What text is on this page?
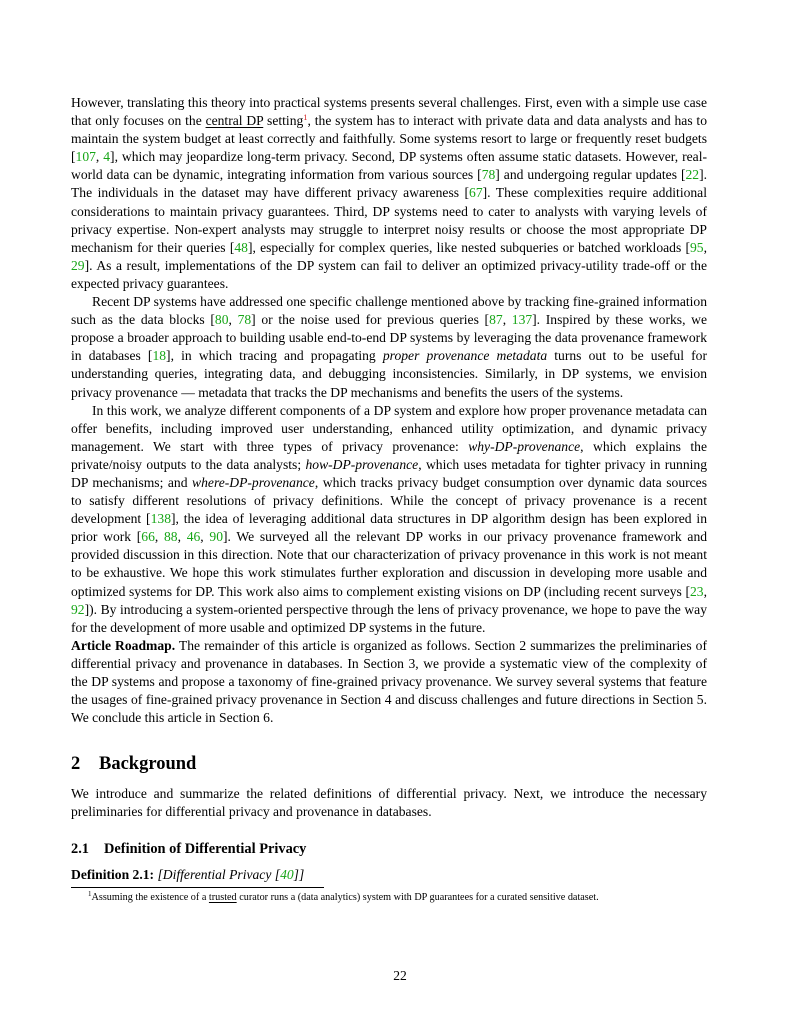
However, translating this theory into practical systems presents several challenges. First, even with a simple use case that only focuses on the central DP setting$^1$, the system has to interact with private data and data analysts and has to maintain the system budget at least correctly and faithfully. Some systems resort to large or frequently reset budgets [107, 4], which may jeopardize long-term privacy. Second, DP systems often assume static datasets. However, real-world data can be dynamic, integrating information from various sources [78] and undergoing regular updates [22]. The individuals in the dataset may have different privacy awareness [67]. These complexities require additional considerations to maintain privacy guarantees. Third, DP systems need to cater to analysts with varying levels of privacy expertise. Non-expert analysts may struggle to interpret noisy results or choose the most appropriate DP mechanism for their queries [48], especially for complex queries, like nested subqueries or batched workloads [95, 29]. As a result, implementations of the DP system can fail to deliver an optimized privacy-utility trade-off or the expected privacy guarantees.

Recent DP systems have addressed one specific challenge mentioned above by tracking fine-grained information such as the data blocks [80, 78] or the noise used for previous queries [87, 137]. Inspired by these works, we propose a broader approach to building usable end-to-end DP systems by leveraging the data provenance framework in databases [18], in which tracing and propagating proper provenance metadata turns out to be useful for understanding queries, integrating data, and debugging inconsistencies. Similarly, in DP systems, we envision privacy provenance — metadata that tracks the DP mechanisms and benefits the users of the systems.

In this work, we analyze different components of a DP system and explore how proper provenance metadata can offer benefits, including improved user understanding, enhanced utility optimization, and dynamic privacy management. We start with three types of privacy provenance: why-DP-provenance, which explains the private/noisy outputs to the data analysts; how-DP-provenance, which uses metadata for tighter privacy in running DP mechanisms; and where-DP-provenance, which tracks privacy budget consumption over dynamic data sources to satisfy different resolutions of privacy definitions. While the concept of privacy provenance is a recent development [138], the idea of leveraging additional data structures in DP algorithm design has been explored in prior work [66, 88, 46, 90]. We surveyed all the relevant DP works in our privacy provenance framework and provided discussion in this direction. Note that our characterization of privacy provenance in this work is not meant to be exhaustive. We hope this work stimulates further exploration and discussion in developing more usable and optimized systems for DP. This work also aims to complement existing visions on DP (including recent surveys [23, 92]). By introducing a system-oriented perspective through the lens of privacy provenance, we hope to pave the way for the development of more usable and optimized DP systems in the future.

Article Roadmap. The remainder of this article is organized as follows. Section 2 summarizes the preliminaries of differential privacy and provenance in databases. In Section 3, we provide a systematic view of the complexity of the DP systems and propose a taxonomy of fine-grained privacy provenance. We survey several systems that feature the usages of fine-grained privacy provenance in Section 4 and discuss challenges and future directions in Section 5. We conclude this article in Section 6.

2 Background

We introduce and summarize the related definitions of differential privacy. Next, we introduce the necessary preliminaries for differential privacy and provenance in databases.

2.1 Definition of Differential Privacy
Definition 2.1: [Differential Privacy [40]]
$^1$Assuming the existence of a trusted curator runs a (data analytics) system with DP guarantees for a curated sensitive dataset.
22
